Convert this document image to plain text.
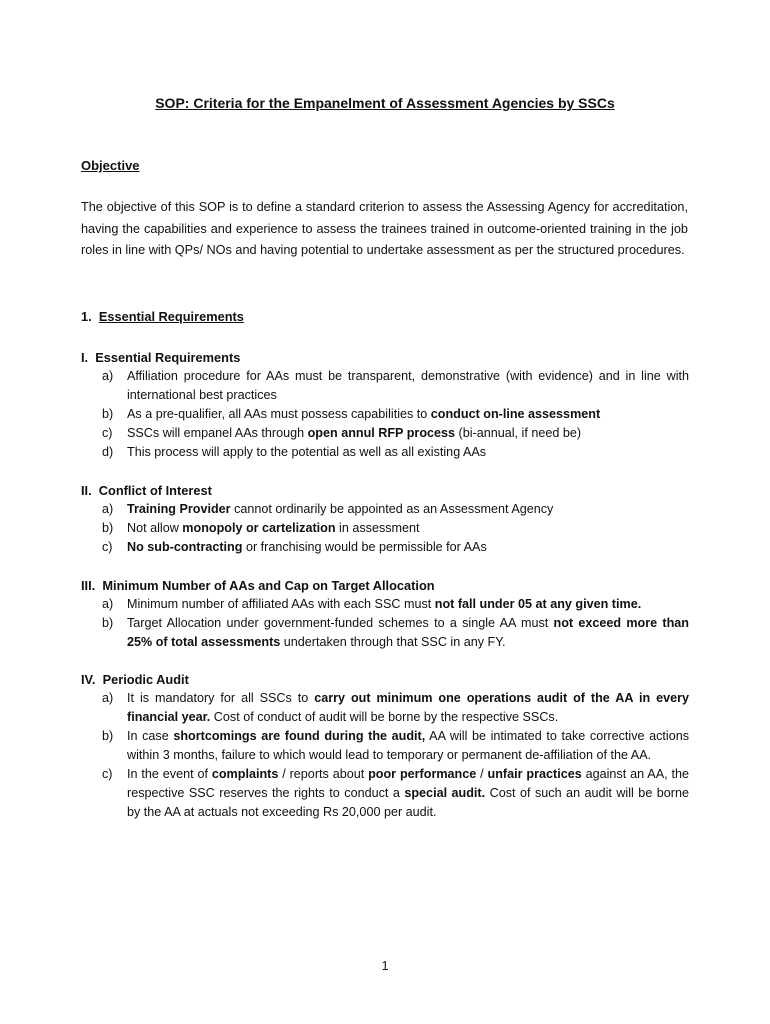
SOP: Criteria for the Empanelment of Assessment Agencies by SSCs
Objective
The objective of this SOP is to define a standard criterion to assess the Assessing Agency for accreditation, having the capabilities and experience to assess the trainees trained in outcome-oriented training in the job roles in line with QPs/ NOs and having potential to undertake assessment as per the structured procedures.
1. Essential Requirements
I. Essential Requirements
a) Affiliation procedure for AAs must be transparent, demonstrative (with evidence) and in line with international best practices
b) As a pre-qualifier, all AAs must possess capabilities to conduct on-line assessment
c) SSCs will empanel AAs through open annul RFP process (bi-annual, if need be)
d) This process will apply to the potential as well as all existing AAs
II. Conflict of Interest
a) Training Provider cannot ordinarily be appointed as an Assessment Agency
b) Not allow monopoly or cartelization in assessment
c) No sub-contracting or franchising would be permissible for AAs
III. Minimum Number of AAs and Cap on Target Allocation
a) Minimum number of affiliated AAs with each SSC must not fall under 05 at any given time.
b) Target Allocation under government-funded schemes to a single AA must not exceed more than 25% of total assessments undertaken through that SSC in any FY.
IV. Periodic Audit
a) It is mandatory for all SSCs to carry out minimum one operations audit of the AA in every financial year. Cost of conduct of audit will be borne by the respective SSCs.
b) In case shortcomings are found during the audit, AA will be intimated to take corrective actions within 3 months, failure to which would lead to temporary or permanent de-affiliation of the AA.
c) In the event of complaints / reports about poor performance / unfair practices against an AA, the respective SSC reserves the rights to conduct a special audit. Cost of such an audit will be borne by the AA at actuals not exceeding Rs 20,000 per audit.
1
